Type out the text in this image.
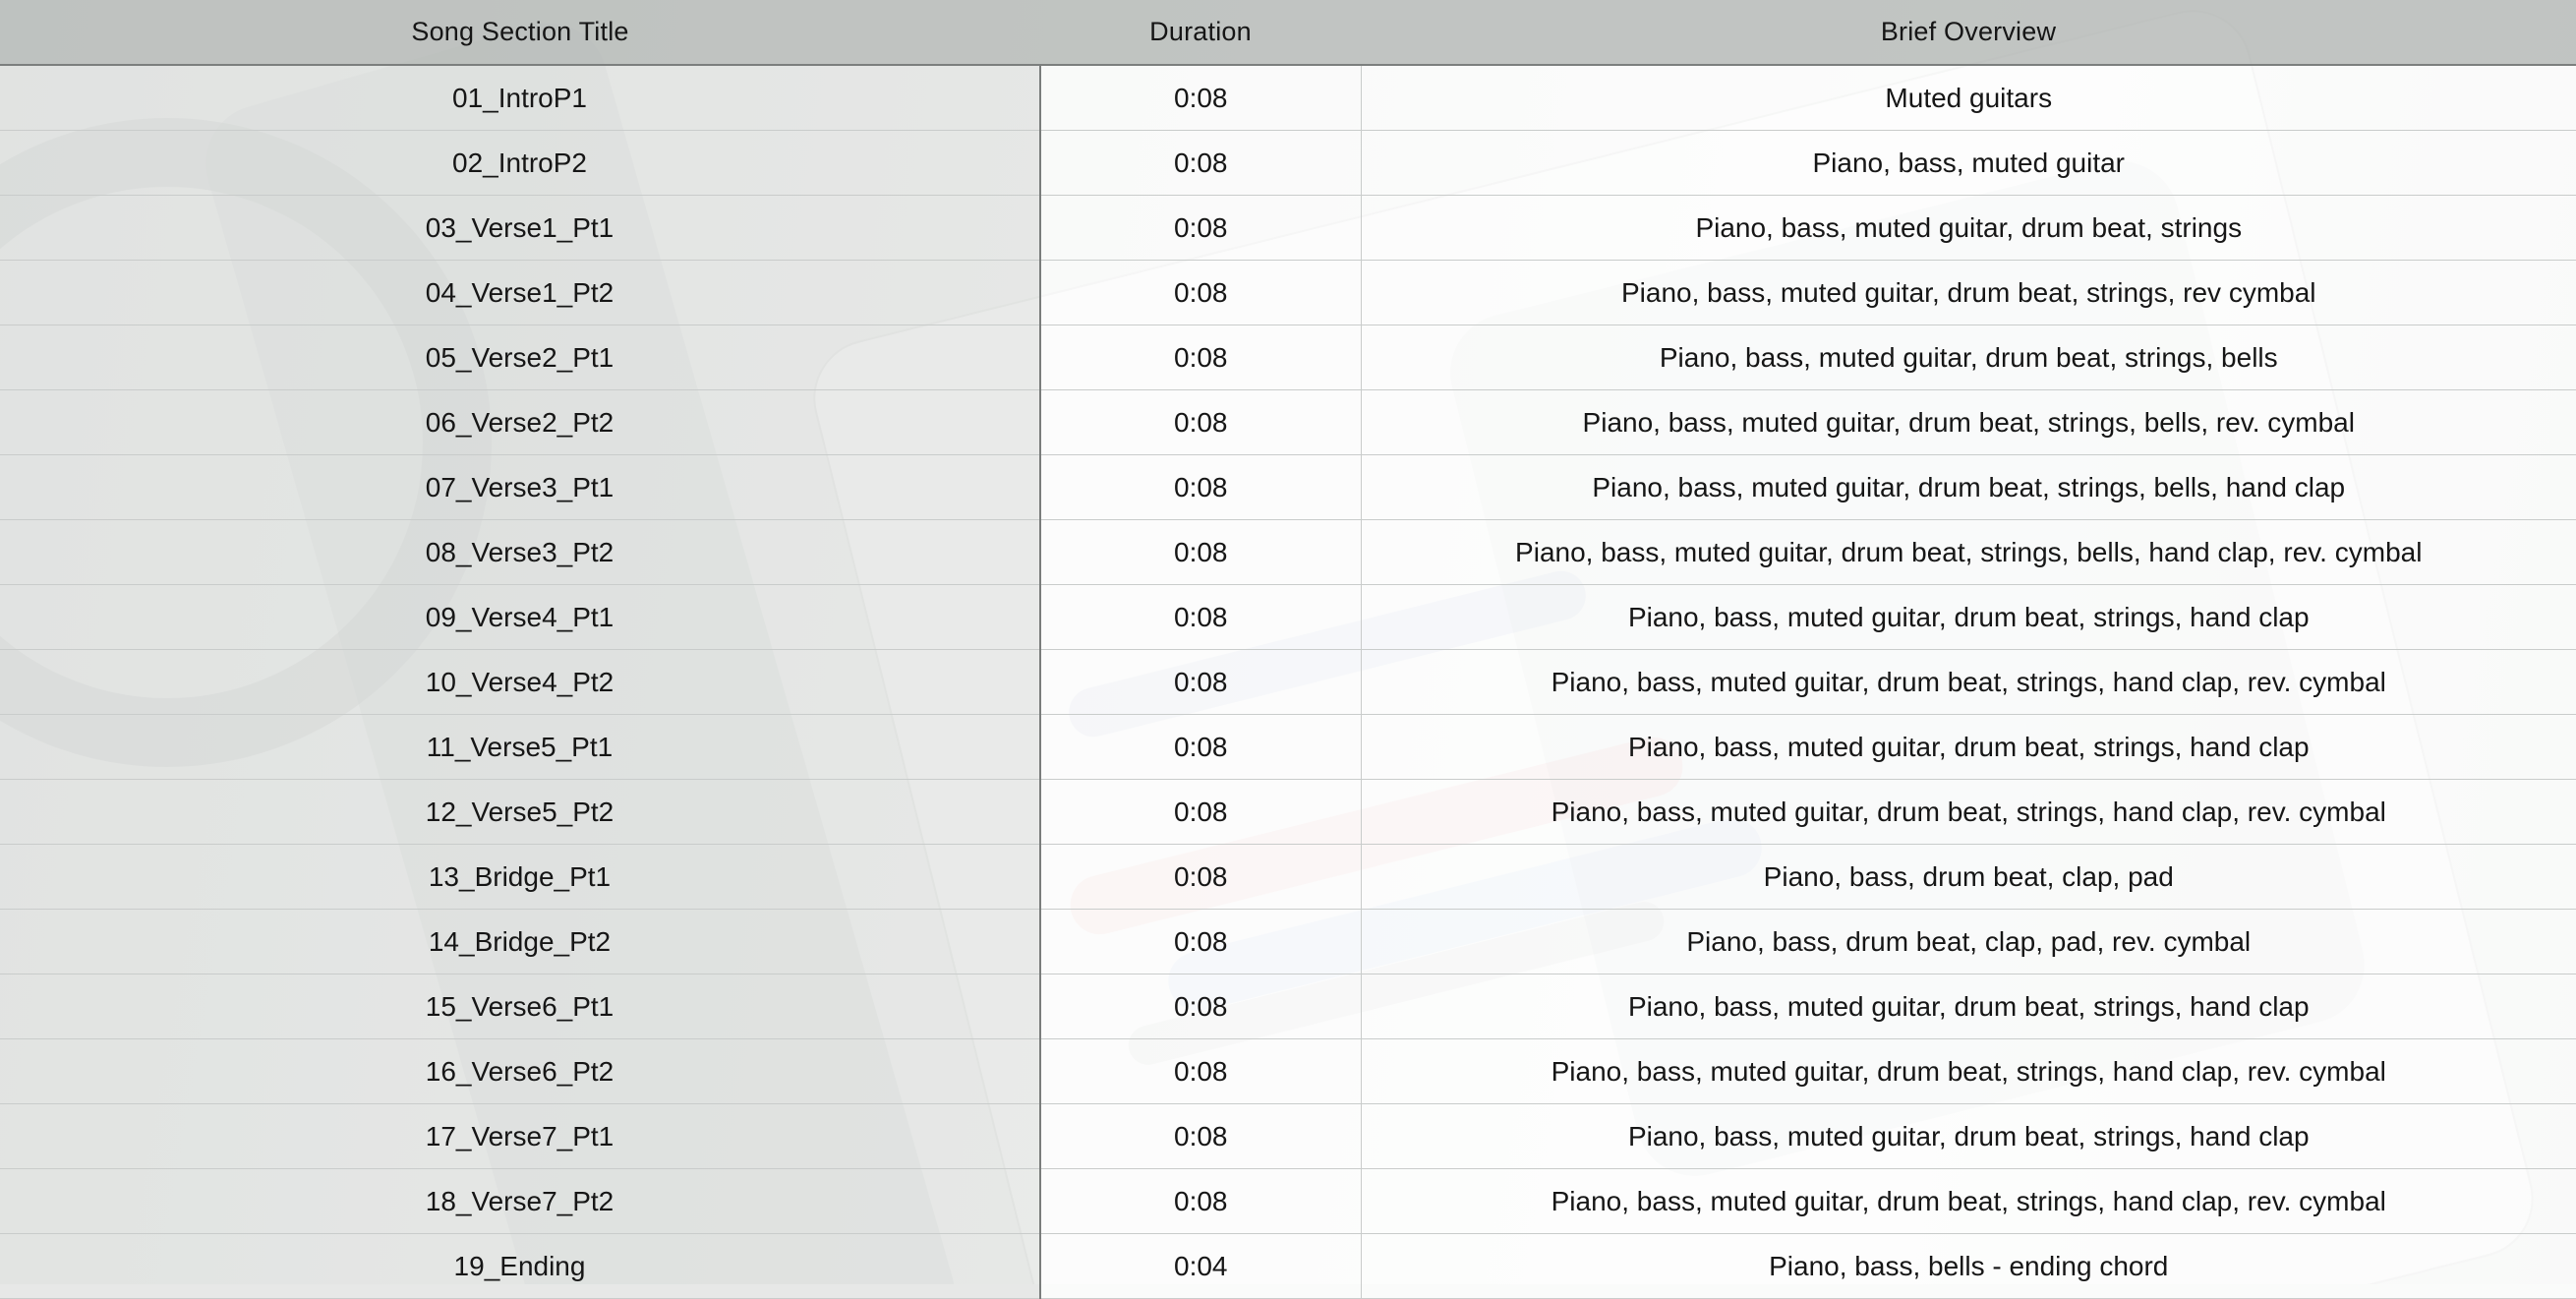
Song Section Title	Duration	Brief Overview
01_IntroP1	0:08	Muted guitars
02_IntroP2	0:08	Piano, bass, muted guitar
03_Verse1_Pt1	0:08	Piano, bass, muted guitar, drum beat, strings
04_Verse1_Pt2	0:08	Piano, bass, muted guitar, drum beat, strings, rev cymbal
05_Verse2_Pt1	0:08	Piano, bass, muted guitar, drum beat, strings, bells
06_Verse2_Pt2	0:08	Piano, bass, muted guitar, drum beat, strings, bells, rev. cymbal
07_Verse3_Pt1	0:08	Piano, bass, muted guitar, drum beat, strings, bells, hand clap
08_Verse3_Pt2	0:08	Piano, bass, muted guitar, drum beat, strings, bells, hand clap, rev. cymbal
09_Verse4_Pt1	0:08	Piano, bass, muted guitar, drum beat, strings, hand clap
10_Verse4_Pt2	0:08	Piano, bass, muted guitar, drum beat, strings, hand clap, rev. cymbal
11_Verse5_Pt1	0:08	Piano, bass, muted guitar, drum beat, strings, hand clap
12_Verse5_Pt2	0:08	Piano, bass, muted guitar, drum beat, strings, hand clap, rev. cymbal
13_Bridge_Pt1	0:08	Piano, bass, drum beat, clap, pad
14_Bridge_Pt2	0:08	Piano, bass, drum beat, clap, pad, rev. cymbal
15_Verse6_Pt1	0:08	Piano, bass, muted guitar, drum beat, strings, hand clap
16_Verse6_Pt2	0:08	Piano, bass, muted guitar, drum beat, strings, hand clap, rev. cymbal
17_Verse7_Pt1	0:08	Piano, bass, muted guitar, drum beat, strings, hand clap
18_Verse7_Pt2	0:08	Piano, bass, muted guitar, drum beat, strings, hand clap, rev. cymbal
19_Ending	0:04	Piano, bass, bells - ending chord
